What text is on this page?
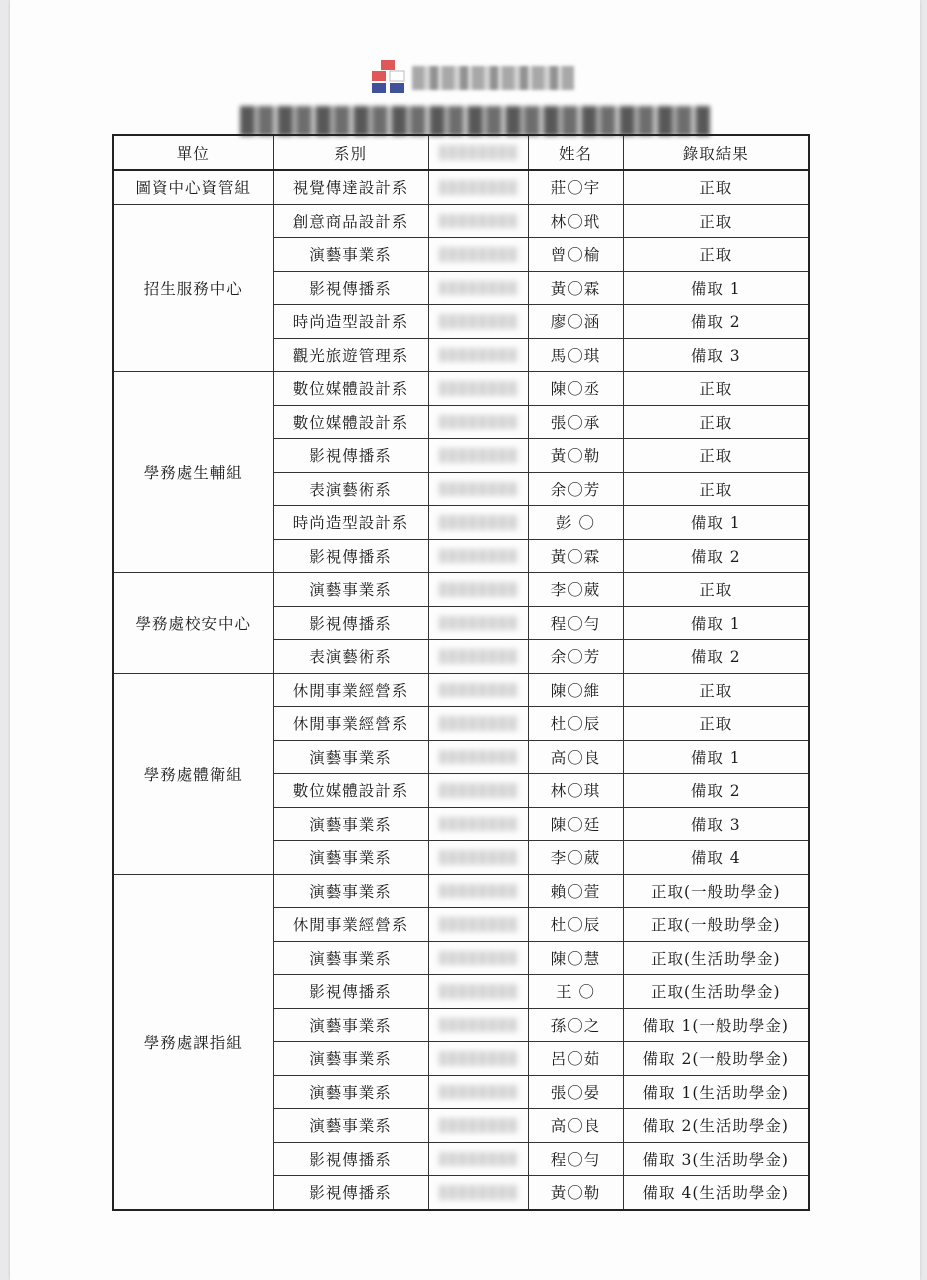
單位	系別		姓名	錄取結果
圖資中心資管組	視覺傳達設計系		莊〇宇	正取
招生服務中心	創意商品設計系		林〇玳	正取
	演藝事業系		曾〇榆	正取
	影視傳播系		黃〇霖	備取 1
	時尚造型設計系		廖〇涵	備取 2
	觀光旅遊管理系		馬〇琪	備取 3
學務處生輔組	數位媒體設計系		陳〇丞	正取
	數位媒體設計系		張〇承	正取
	影視傳播系		黃〇勒	正取
	表演藝術系		余〇芳	正取
	時尚造型設計系		彭 〇	備取 1
	影視傳播系		黃〇霖	備取 2
學務處校安中心	演藝事業系		李〇葳	正取
	影視傳播系		程〇勻	備取 1
	表演藝術系		余〇芳	備取 2
學務處體衛組	休閒事業經營系		陳〇維	正取
	休閒事業經營系		杜〇辰	正取
	演藝事業系		高〇良	備取 1
	數位媒體設計系		林〇琪	備取 2
	演藝事業系		陳〇廷	備取 3
	演藝事業系		李〇葳	備取 4
學務處課指組	演藝事業系		賴〇萱	正取(一般助學金)
	休閒事業經營系		杜〇辰	正取(一般助學金)
	演藝事業系		陳〇慧	正取(生活助學金)
	影視傳播系		王 〇	正取(生活助學金)
	演藝事業系		孫〇之	備取 1(一般助學金)
	演藝事業系		呂〇茹	備取 2(一般助學金)
	演藝事業系		張〇晏	備取 1(生活助學金)
	演藝事業系		高〇良	備取 2(生活助學金)
	影視傳播系		程〇勻	備取 3(生活助學金)
	影視傳播系		黃〇勒	備取 4(生活助學金)
